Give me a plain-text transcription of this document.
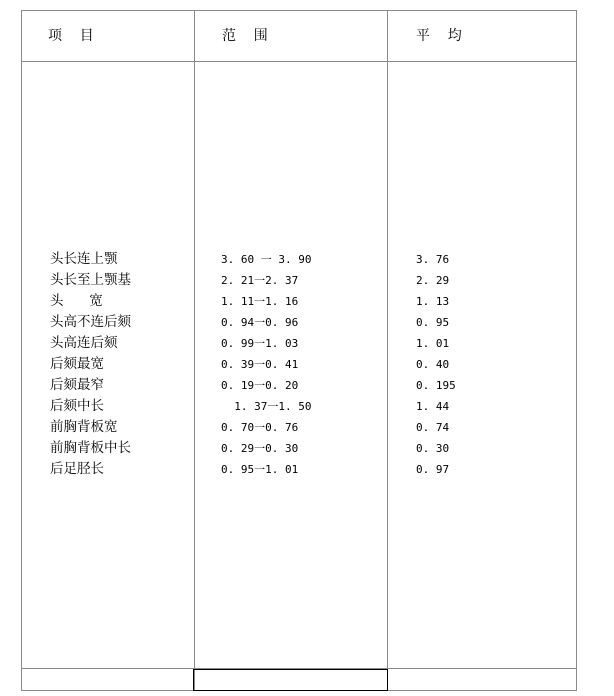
项    目	范    围	平    均
头长连上颚
头长至上颚基
头      宽
头高不连后颏
头高连后颏
后颏最宽
后颏最窄
后颏中长
前胸背板宽
前胸背板中长
后足胫长
3. 60 一 3. 90
2. 21一2. 37
1. 11一1. 16
0. 94一0. 96
0. 99一1. 03
0. 39一0. 41
0. 19一0. 20
1. 37一1. 50
0. 70一0. 76
0. 29一0. 30
0. 95一1. 01
3. 76
2. 29
1. 13
0. 95
1. 01
0. 40
0. 195
1. 44
0. 74
0. 30
0. 97
